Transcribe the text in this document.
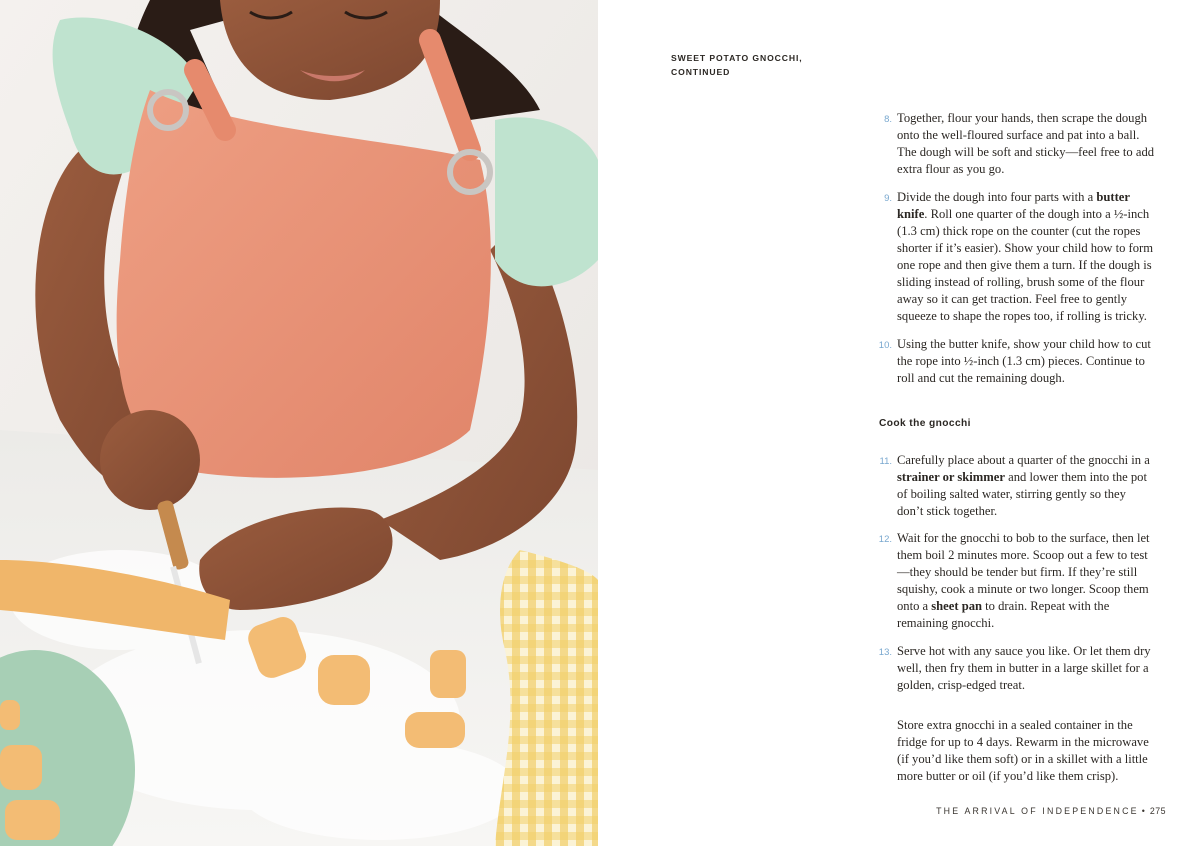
SWEET POTATO GNOCCHI,
CONTINUED
8. Together, flour your hands, then scrape the dough onto the well-floured surface and pat into a ball. The dough will be soft and sticky—feel free to add extra flour as you go.
9. Divide the dough into four parts with a butter knife. Roll one quarter of the dough into a ½-inch (1.3 cm) thick rope on the counter (cut the ropes shorter if it’s easier). Show your child how to form one rope and then give them a turn. If the dough is sliding instead of rolling, brush some of the flour away so it can get traction. Feel free to gently squeeze to shape the ropes too, if rolling is tricky.
10. Using the butter knife, show your child how to cut the rope into ½-inch (1.3 cm) pieces. Continue to roll and cut the remaining dough.
Cook the gnocchi
11. Carefully place about a quarter of the gnocchi in a strainer or skimmer and lower them into the pot of boiling salted water, stirring gently so they don’t stick together.
12. Wait for the gnocchi to bob to the surface, then let them boil 2 minutes more. Scoop out a few to test—they should be tender but firm. If they’re still squishy, cook a minute or two longer. Scoop them onto a sheet pan to drain. Repeat with the remaining gnocchi.
13. Serve hot with any sauce you like. Or let them dry well, then fry them in butter in a large skillet for a golden, crisp-edged treat.
Store extra gnocchi in a sealed container in the fridge for up to 4 days. Rewarm in the microwave (if you’d like them soft) or in a skillet with a little more butter or oil (if you’d like them crisp).
THE ARRIVAL OF INDEPENDENCE • 275
